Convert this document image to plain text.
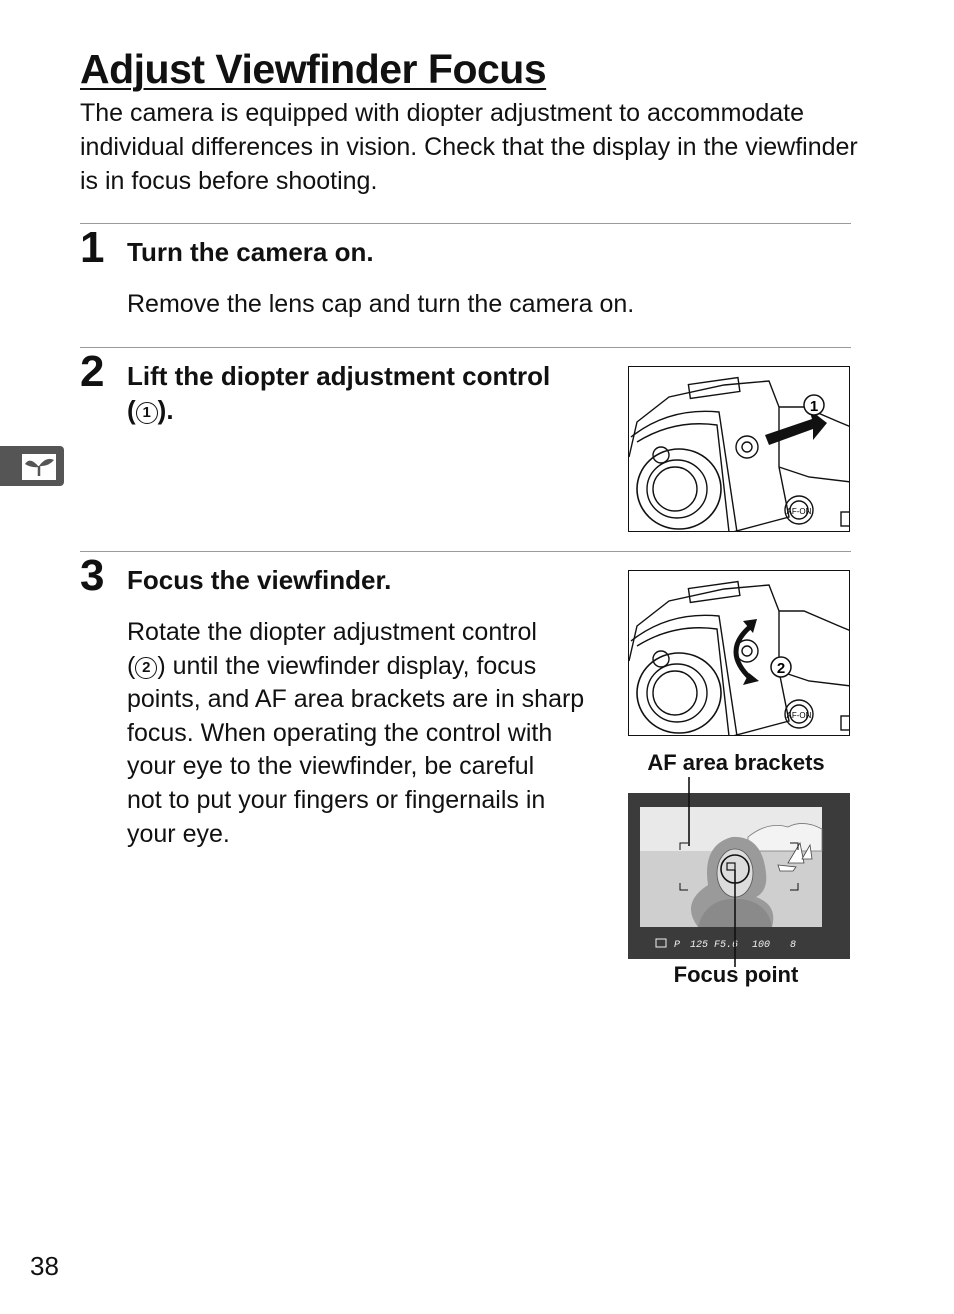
Adjust Viewfinder Focus
The camera is equipped with diopter adjustment to accommodate individual differences in vision. Check that the display in the viewfinder is in focus before shooting.
1 Turn the camera on.
Remove the lens cap and turn the camera on.
2 Lift the diopter adjustment control
( 1 ).	1
AF-ON
3 Focus the viewfinder.
Rotate the diopter adjustment control
( 2 ) until the viewfinder display, focus
points, and AF area brackets are in sharp
focus. When operating the control with
your eye to the viewfinder, be careful
not to put your fingers or fingernails in
your eye.
2
AF-ON
AF area brackets
P 125 F5.6 100 8
Focus point
38
